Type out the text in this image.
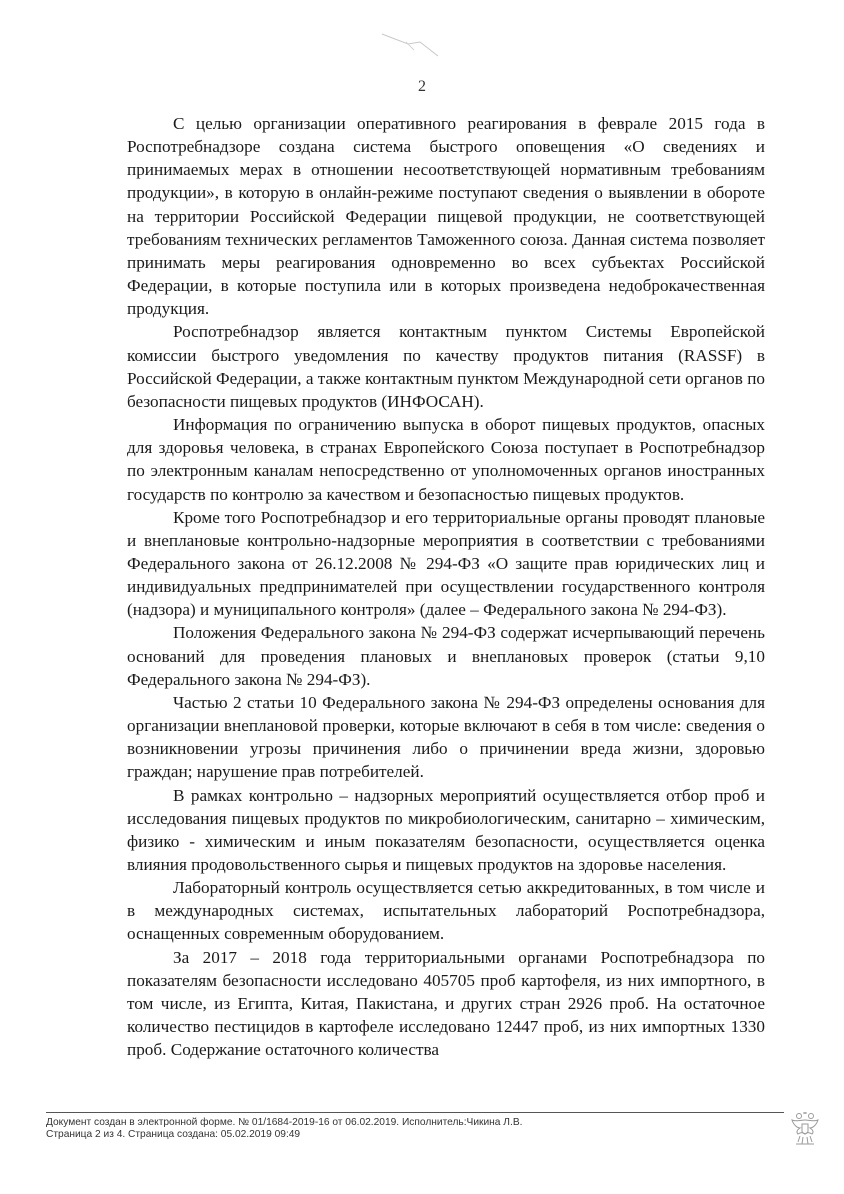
2

С целью организации оперативного реагирования в феврале 2015 года в Роспотребнадзоре создана система быстрого оповещения «О сведениях и принимаемых мерах в отношении несоответствующей нормативным требованиям продукции», в которую в онлайн-режиме поступают сведения о выявлении в обороте на территории Российской Федерации пищевой продукции, не соответствующей требованиям технических регламентов Таможенного союза. Данная система позволяет принимать меры реагирования одновременно во всех субъектах Российской Федерации, в которые поступила или в которых произведена недоброкачественная продукция.

Роспотребнадзор является контактным пунктом Системы Европейской комиссии быстрого уведомления по качеству продуктов питания (RASSF) в Российской Федерации, а также контактным пунктом Международной сети органов по безопасности пищевых продуктов (ИНФОСАН).

Информация по ограничению выпуска в оборот пищевых продуктов, опасных для здоровья человека, в странах Европейского Союза поступает в Роспотребнадзор по электронным каналам непосредственно от уполномоченных органов иностранных государств по контролю за качеством и безопасностью пищевых продуктов.

Кроме того Роспотребнадзор и его территориальные органы проводят плановые и внеплановые контрольно-надзорные мероприятия в соответствии с требованиями Федерального закона от 26.12.2008 № 294-ФЗ «О защите прав юридических лиц и индивидуальных предпринимателей при осуществлении государственного контроля (надзора) и муниципального контроля» (далее – Федерального закона № 294-ФЗ).

Положения Федерального закона № 294-ФЗ содержат исчерпывающий перечень оснований для проведения плановых и внеплановых проверок (статьи 9,10 Федерального закона № 294-ФЗ).

Частью 2 статьи 10 Федерального закона № 294-ФЗ определены основания для организации внеплановой проверки, которые включают в себя в том числе: сведения о возникновении угрозы причинения либо о причинении вреда жизни, здоровью граждан; нарушение прав потребителей.

В рамках контрольно – надзорных мероприятий осуществляется отбор проб и исследования пищевых продуктов по микробиологическим, санитарно – химическим, физико - химическим и иным показателям безопасности, осуществляется оценка влияния продовольственного сырья и пищевых продуктов на здоровье населения.

Лабораторный контроль осуществляется сетью аккредитованных, в том числе и в международных системах, испытательных лабораторий Роспотребнадзора, оснащенных современным оборудованием.

За 2017 – 2018 года территориальными органами Роспотребнадзора по показателям безопасности исследовано 405705 проб картофеля, из них импортного, в том числе, из Египта, Китая, Пакистана, и других стран 2926 проб. На остаточное количество пестицидов в картофеле исследовано 12447 проб, из них импортных 1330 проб. Содержание остаточного количества

Документ создан в электронной форме. № 01/1684-2019-16 от 06.02.2019. Исполнитель:Чикина Л.В.
Страница 2 из 4. Страница создана: 05.02.2019 09:49
